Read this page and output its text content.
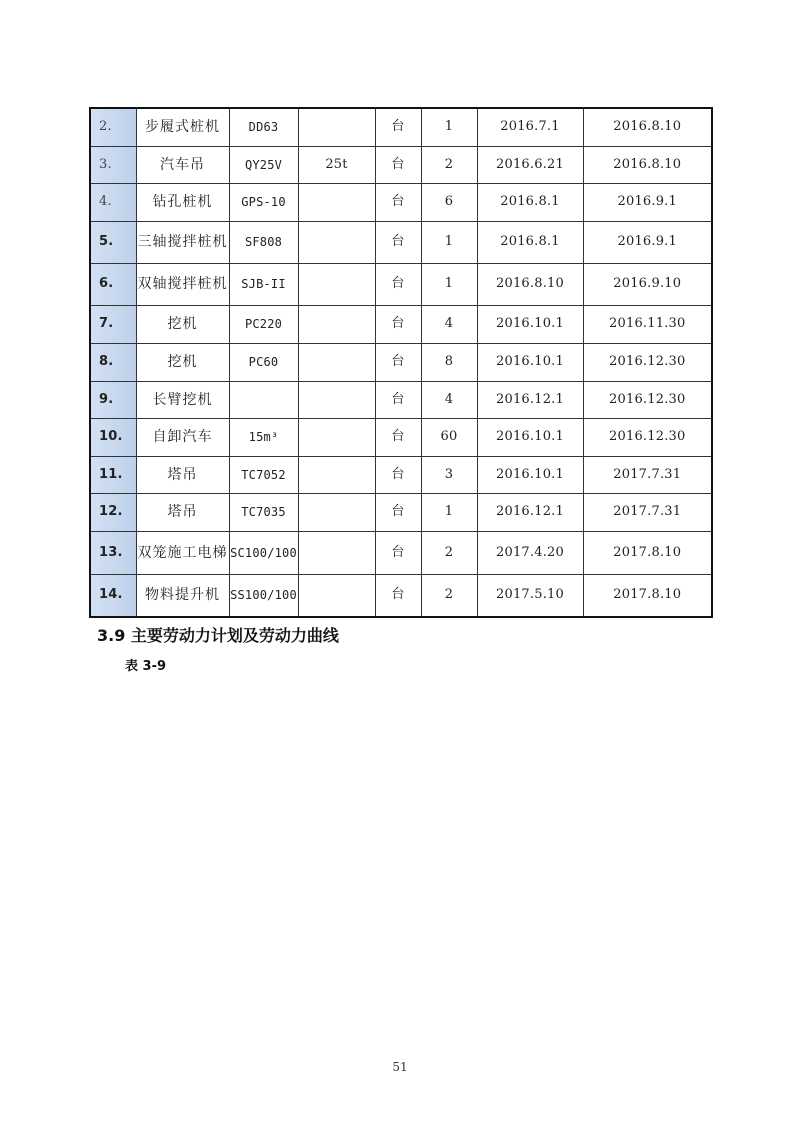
2.	步履式桩机	DD63		台	1	2016.7.1	2016.8.10
3.	汽车吊	QY25V	25t	台	2	2016.6.21	2016.8.10
4.	钻孔桩机	GPS-10		台	6	2016.8.1	2016.9.1
5.	三轴搅拌桩机	SF808		台	1	2016.8.1	2016.9.1
6.	双轴搅拌桩机	SJB-II		台	1	2016.8.10	2016.9.10
7.	挖机	PC220		台	4	2016.10.1	2016.11.30
8.	挖机	PC60		台	8	2016.10.1	2016.12.30
9.	长臂挖机			台	4	2016.12.1	2016.12.30
10.	自卸汽车	15m³		台	60	2016.10.1	2016.12.30
11.	塔吊	TC7052		台	3	2016.10.1	2017.7.31
12.	塔吊	TC7035		台	1	2016.12.1	2017.7.31
13.	双笼施工电梯	SC100/100		台	2	2017.4.20	2017.8.10
14.	物料提升机	SS100/100		台	2	2017.5.10	2017.8.10
3.9 主要劳动力计划及劳动力曲线
表 3-9
51
